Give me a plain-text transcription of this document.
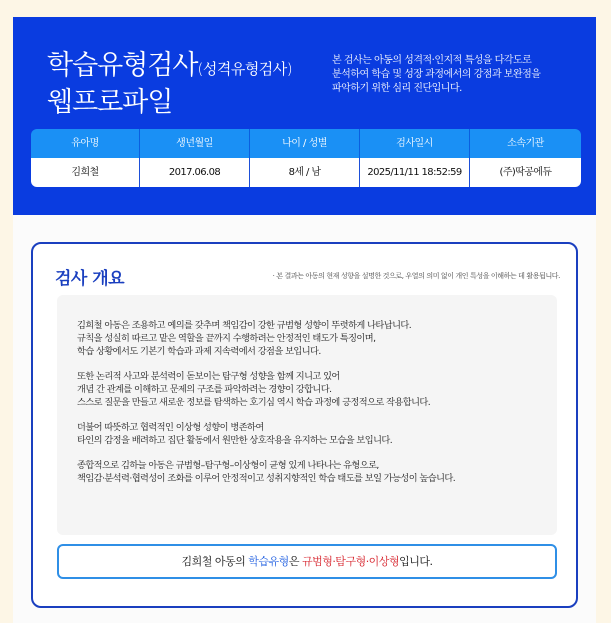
학습유형검사(성격유형검사)
웹프로파일
본 검사는 아동의 성격적·인지적 특성을 다각도로
분석하여 학습 및 성장 과정에서의 강점과 보완점을
파악하기 위한 심리 진단입니다.
유아명	생년월일	나이 / 성별	검사일시	소속기관
김희철	2017.06.08	8세 / 남	2025/11/11 18:52:59	(주)딱공에듀
검사 개요	· 본 결과는 아동의 현재 성향을 설명한 것으로, 우열의 의미 없이 개인 특성을 이해하는 데 활용됩니다.
김희철 아동은 조용하고 예의를 갖추며 책임감이 강한 규범형 성향이 뚜렷하게 나타납니다.
규칙을 성실히 따르고 맡은 역할을 끝까지 수행하려는 안정적인 태도가 특징이며,
학습 상황에서도 기본기 학습과 과제 지속력에서 강점을 보입니다.
또한 논리적 사고와 분석력이 돋보이는 탐구형 성향을 함께 지니고 있어
개념 간 관계를 이해하고 문제의 구조를 파악하려는 경향이 강합니다.
스스로 질문을 만들고 새로운 정보를 탐색하는 호기심 역시 학습 과정에 긍정적으로 작용합니다.
더불어 따뜻하고 협력적인 이상형 성향이 병존하여
타인의 감정을 배려하고 집단 활동에서 원만한 상호작용을 유지하는 모습을 보입니다.
종합적으로 김하늘 아동은 규범형–탐구형–이상형이 균형 있게 나타나는 유형으로,
책임감·분석력·협력성이 조화를 이루어 안정적이고 성취지향적인 학습 태도를 보일 가능성이 높습니다.
김희철 아동의 학습유형은 규범형·탐구형·이상형입니다.
